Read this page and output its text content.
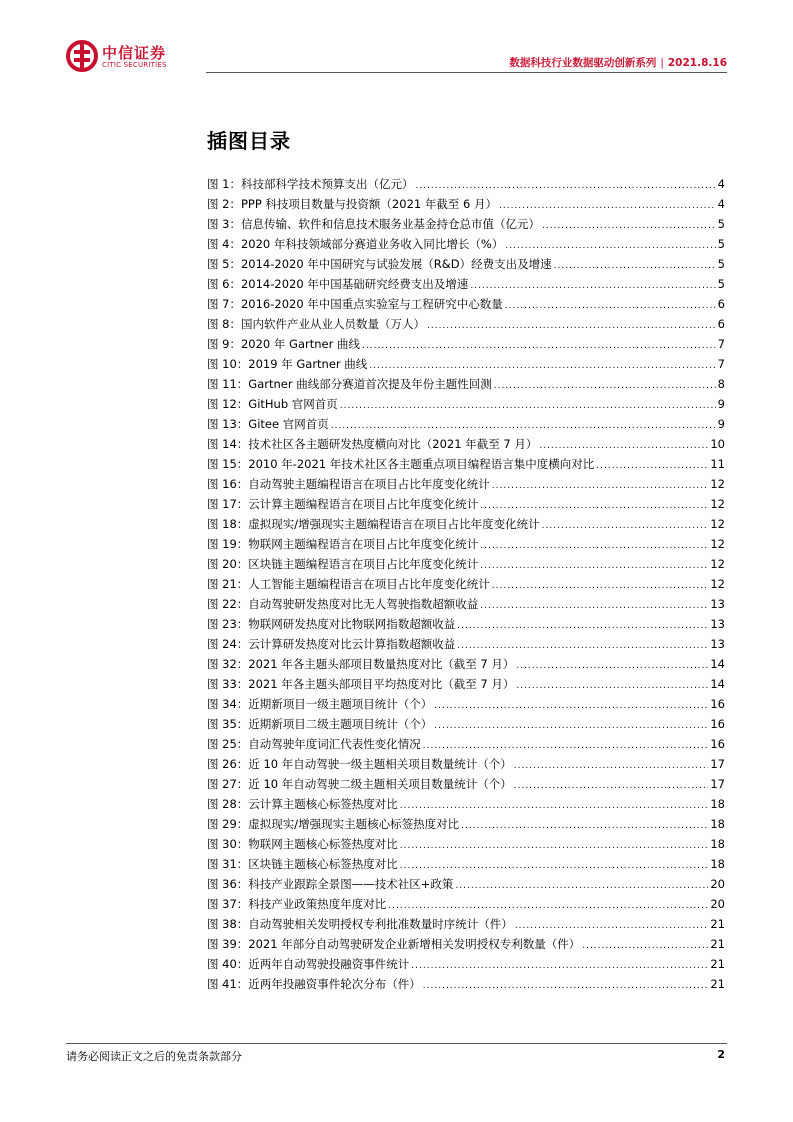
中信证券
CITIC SECURITIES	数据科技行业数据驱动创新系列 | 2021.8.16
插图目录
图 1：科技部科学技术预算支出（亿元） .....	4
图 2：PPP 科技项目数量与投资额（2021 年截至 6 月） .....	4
图 3：信息传输、软件和信息技术服务业基金持仓总市值（亿元） .....	5
图 4：2020 年科技领域部分赛道业务收入同比增长（%） .....	5
图 5：2014-2020 年中国研究与试验发展（R&D）经费支出及增速 .....	5
图 6：2014-2020 年中国基础研究经费支出及增速 .....	5
图 7：2016-2020 年中国重点实验室与工程研究中心数量 .....	6
图 8：国内软件产业从业人员数量（万人） .....	6
图 9：2020 年 Gartner 曲线 .....	7
图 10：2019 年 Gartner 曲线 .....	7
图 11：Gartner 曲线部分赛道首次提及年份主题性回测 .....	8
图 12：GitHub 官网首页 .....	9
图 13：Gitee 官网首页 .....	9
图 14：技术社区各主题研发热度横向对比（2021 年截至 7 月） .....	10
图 15：2010 年-2021 年技术社区各主题重点项目编程语言集中度横向对比 .....	11
图 16：自动驾驶主题编程语言在项目占比年度变化统计 .....	12
图 17：云计算主题编程语言在项目占比年度变化统计 .....	12
图 18：虚拟现实/增强现实主题编程语言在项目占比年度变化统计 .....	12
图 19：物联网主题编程语言在项目占比年度变化统计 .....	12
图 20：区块链主题编程语言在项目占比年度变化统计 .....	12
图 21：人工智能主题编程语言在项目占比年度变化统计 .....	12
图 22：自动驾驶研发热度对比无人驾驶指数超额收益 .....	13
图 23：物联网研发热度对比物联网指数超额收益 .....	13
图 24：云计算研发热度对比云计算指数超额收益 .....	13
图 32：2021 年各主题头部项目数量热度对比（截至 7 月） .....	14
图 33：2021 年各主题头部项目平均热度对比（截至 7 月） .....	14
图 34：近期新项目一级主题项目统计（个） .....	16
图 35：近期新项目二级主题项目统计（个） .....	16
图 25：自动驾驶年度词汇代表性变化情况 .....	16
图 26：近 10 年自动驾驶一级主题相关项目数量统计（个） .....	17
图 27：近 10 年自动驾驶二级主题相关项目数量统计（个） .....	17
图 28：云计算主题核心标签热度对比 .....	18
图 29：虚拟现实/增强现实主题核心标签热度对比 .....	18
图 30：物联网主题核心标签热度对比 .....	18
图 31：区块链主题核心标签热度对比 .....	18
图 36：科技产业跟踪全景图——技术社区+政策 .....	20
图 37：科技产业政策热度年度对比 .....	20
图 38：自动驾驶相关发明授权专利批准数量时序统计（件） .....	21
图 39：2021 年部分自动驾驶研发企业新增相关发明授权专利数量（件） .....	21
图 40：近两年自动驾驶投融资事件统计 .....	21
图 41：近两年投融资事件轮次分布（件） .....	21
请务必阅读正文之后的免责条款部分	2
